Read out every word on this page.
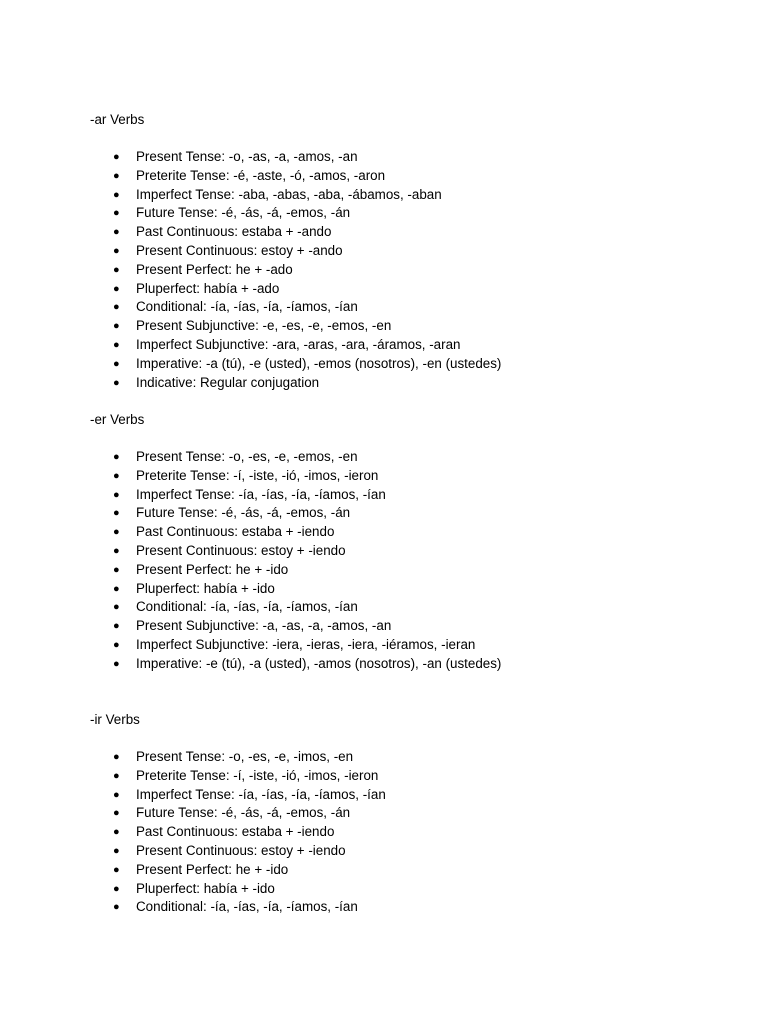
-ar Verbs
● Present Tense: -o, -as, -a, -amos, -an
● Preterite Tense: -é, -aste, -ó, -amos, -aron
● Imperfect Tense: -aba, -abas, -aba, -ábamos, -aban
● Future Tense: -é, -ás, -á, -emos, -án
● Past Continuous: estaba + -ando
● Present Continuous: estoy + -ando
● Present Perfect: he + -ado
● Pluperfect: había + -ado
● Conditional: -ía, -ías, -ía, -íamos, -ían
● Present Subjunctive: -e, -es, -e, -emos, -en
● Imperfect Subjunctive: -ara, -aras, -ara, -áramos, -aran
● Imperative: -a (tú), -e (usted), -emos (nosotros), -en (ustedes)
● Indicative: Regular conjugation
-er Verbs
● Present Tense: -o, -es, -e, -emos, -en
● Preterite Tense: -í, -iste, -ió, -imos, -ieron
● Imperfect Tense: -ía, -ías, -ía, -íamos, -ían
● Future Tense: -é, -ás, -á, -emos, -án
● Past Continuous: estaba + -iendo
● Present Continuous: estoy + -iendo
● Present Perfect: he + -ido
● Pluperfect: había + -ido
● Conditional: -ía, -ías, -ía, -íamos, -ían
● Present Subjunctive: -a, -as, -a, -amos, -an
● Imperfect Subjunctive: -iera, -ieras, -iera, -iéramos, -ieran
● Imperative: -e (tú), -a (usted), -amos (nosotros), -an (ustedes)
-ir Verbs
● Present Tense: -o, -es, -e, -imos, -en
● Preterite Tense: -í, -iste, -ió, -imos, -ieron
● Imperfect Tense: -ía, -ías, -ía, -íamos, -ían
● Future Tense: -é, -ás, -á, -emos, -án
● Past Continuous: estaba + -iendo
● Present Continuous: estoy + -iendo
● Present Perfect: he + -ido
● Pluperfect: había + -ido
● Conditional: -ía, -ías, -ía, -íamos, -ían
